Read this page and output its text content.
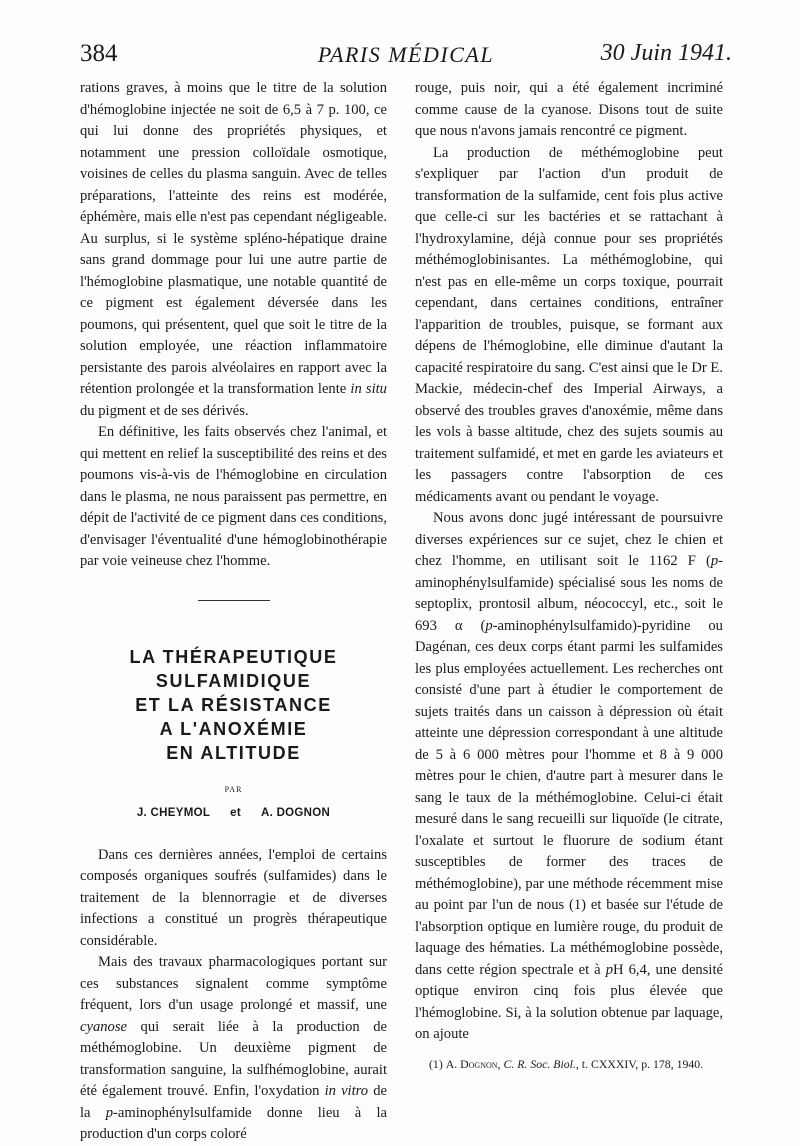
384	PARIS MÉDICAL	30 Juin 1941.

rations graves, à moins que le titre de la solution d'hémoglobine injectée ne soit de 6,5 à 7 p. 100, ce qui lui donne des propriétés physiques, et notamment une pression colloïdale osmotique, voisines de celles du plasma sanguin. Avec de telles préparations, l'atteinte des reins est modérée, éphémère, mais elle n'est pas cependant négligeable. Au surplus, si le système spléno-hépatique draine sans grand dommage pour lui une autre partie de l'hémoglobine plasmatique, une notable quantité de ce pigment est également déversée dans les poumons, qui présentent, quel que soit le titre de la solution employée, une réaction inflammatoire persistante des parois alvéolaires en rapport avec la rétention prolongée et la transformation lente in situ du pigment et de ses dérivés.

En définitive, les faits observés chez l'animal, et qui mettent en relief la susceptibilité des reins et des poumons vis-à-vis de l'hémoglobine en circulation dans le plasma, ne nous paraissent pas permettre, en dépit de l'activité de ce pigment dans ces conditions, d'envisager l'éventualité d'une hémoglobinothérapie par voie veineuse chez l'homme.

LA THÉRAPEUTIQUE
SULFAMIDIQUE
ET LA RÉSISTANCE
A L'ANOXÉMIE
EN ALTITUDE
PAR
J. CHEYMOL et A. DOGNON

Dans ces dernières années, l'emploi de certains composés organiques soufrés (sulfamides) dans le traitement de la blennorragie et de diverses infections a constitué un progrès thérapeutique considérable.

Mais des travaux pharmacologiques portant sur ces substances signalent comme symptôme fréquent, lors d'un usage prolongé et massif, une cyanose qui serait liée à la production de méthémoglobine. Un deuxième pigment de transformation sanguine, la sulfhémoglobine, aurait été également trouvé. Enfin, l'oxydation in vitro de la p-aminophénylsulfamide donne lieu à la production d'un corps coloré

rouge, puis noir, qui a été également incriminé comme cause de la cyanose. Disons tout de suite que nous n'avons jamais rencontré ce pigment.

La production de méthémoglobine peut s'expliquer par l'action d'un produit de transformation de la sulfamide, cent fois plus active que celle-ci sur les bactéries et se rattachant à l'hydroxylamine, déjà connue pour ses propriétés méthémoglobinisantes. La méthémoglobine, qui n'est pas en elle-même un corps toxique, pourrait cependant, dans certaines conditions, entraîner l'apparition de troubles, puisque, se formant aux dépens de l'hémoglobine, elle diminue d'autant la capacité respiratoire du sang. C'est ainsi que le Dr E. Mackie, médecin-chef des Imperial Airways, a observé des troubles graves d'anoxémie, même dans les vols à basse altitude, chez des sujets soumis au traitement sulfamidé, et met en garde les aviateurs et les passagers contre l'absorption de ces médicaments avant ou pendant le voyage.

Nous avons donc jugé intéressant de poursuivre diverses expériences sur ce sujet, chez le chien et chez l'homme, en utilisant soit le 1162 F (p-aminophénylsulfamide) spécialisé sous les noms de septoplix, prontosil album, néococcyl, etc., soit le 693 α (p-aminophénylsulfamido)-pyridine ou Dagénan, ces deux corps étant parmi les sulfamides les plus employées actuellement. Les recherches ont consisté d'une part à étudier le comportement de sujets traités dans un caisson à dépression où était atteinte une dépression correspondant à une altitude de 5 à 6 000 mètres pour l'homme et 8 à 9 000 mètres pour le chien, d'autre part à mesurer dans le sang le taux de la méthémoglobine. Celui-ci était mesuré dans le sang recueilli sur liquoïde (le citrate, l'oxalate et surtout le fluorure de sodium étant susceptibles de former des traces de méthémoglobine), par une méthode récemment mise au point par l'un de nous (1) et basée sur l'étude de l'absorption optique en lumière rouge, du produit de laquage des hématies. La méthémoglobine possède, dans cette région spectrale et à pH 6,4, une densité optique environ cinq fois plus élevée que l'hémoglobine. Si, à la solution obtenue par laquage, on ajoute

(1) A. Dognon, C. R. Soc. Biol., t. CXXXIV, p. 178, 1940.
